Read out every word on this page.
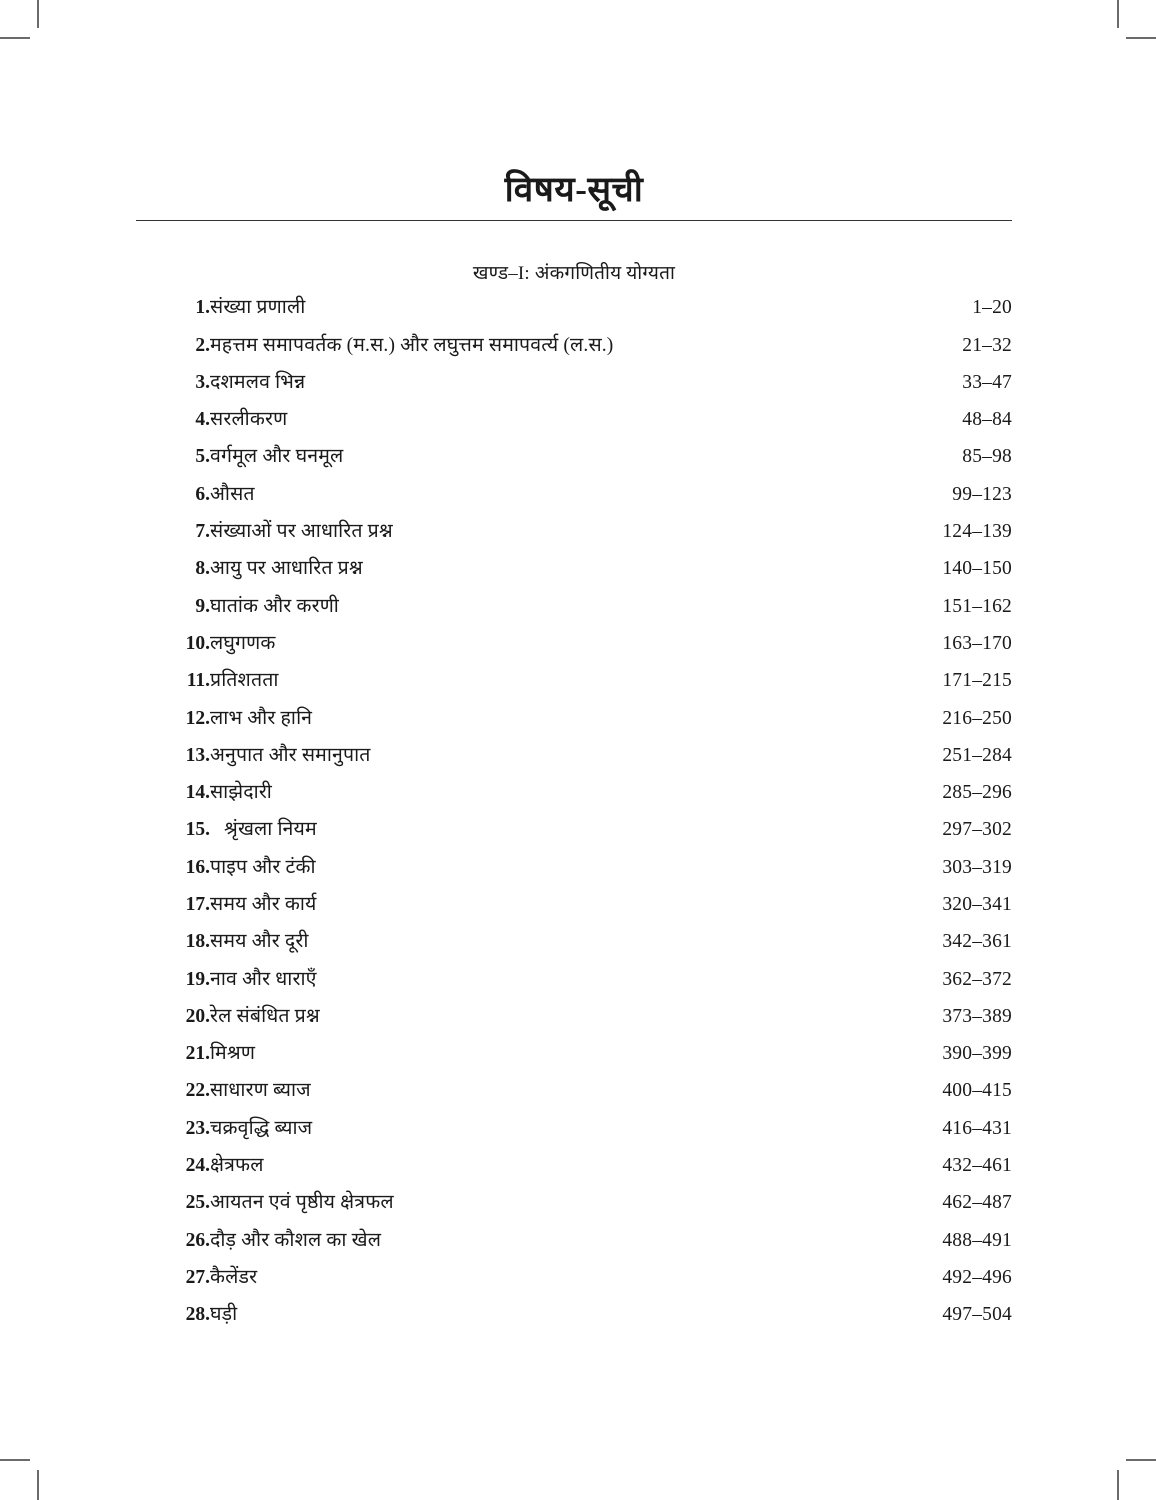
विषय-सूची
खण्ड–I: अंकगणितीय योग्यता
1.	संख्या प्रणाली	1–20
2.	महत्तम समापवर्तक (म.स.) और लघुत्तम समापवर्त्य (ल.स.)	21–32
3.	दशमलव भिन्न	33–47
4.	सरलीकरण	48–84
5.	वर्गमूल और घनमूल	85–98
6.	औसत	99–123
7.	संख्याओं पर आधारित प्रश्न	124–139
8.	आयु पर आधारित प्रश्न	140–150
9.	घातांक और करणी	151–162
10.	लघुगणक	163–170
11.	प्रतिशतता	171–215
12.	लाभ और हानि	216–250
13.	अनुपात और समानुपात	251–284
14.	साझेदारी	285–296
15.	श्रृंखला नियम	297–302
16.	पाइप और टंकी	303–319
17.	समय और कार्य	320–341
18.	समय और दूरी	342–361
19.	नाव और धाराएँ	362–372
20.	रेल संबंधित प्रश्न	373–389
21.	मिश्रण	390–399
22.	साधारण ब्याज	400–415
23.	चक्रवृद्धि ब्याज	416–431
24.	क्षेत्रफल	432–461
25.	आयतन एवं पृष्ठीय क्षेत्रफल	462–487
26.	दौड़ और कौशल का खेल	488–491
27.	कैलेंडर	492–496
28.	घड़ी	497–504
